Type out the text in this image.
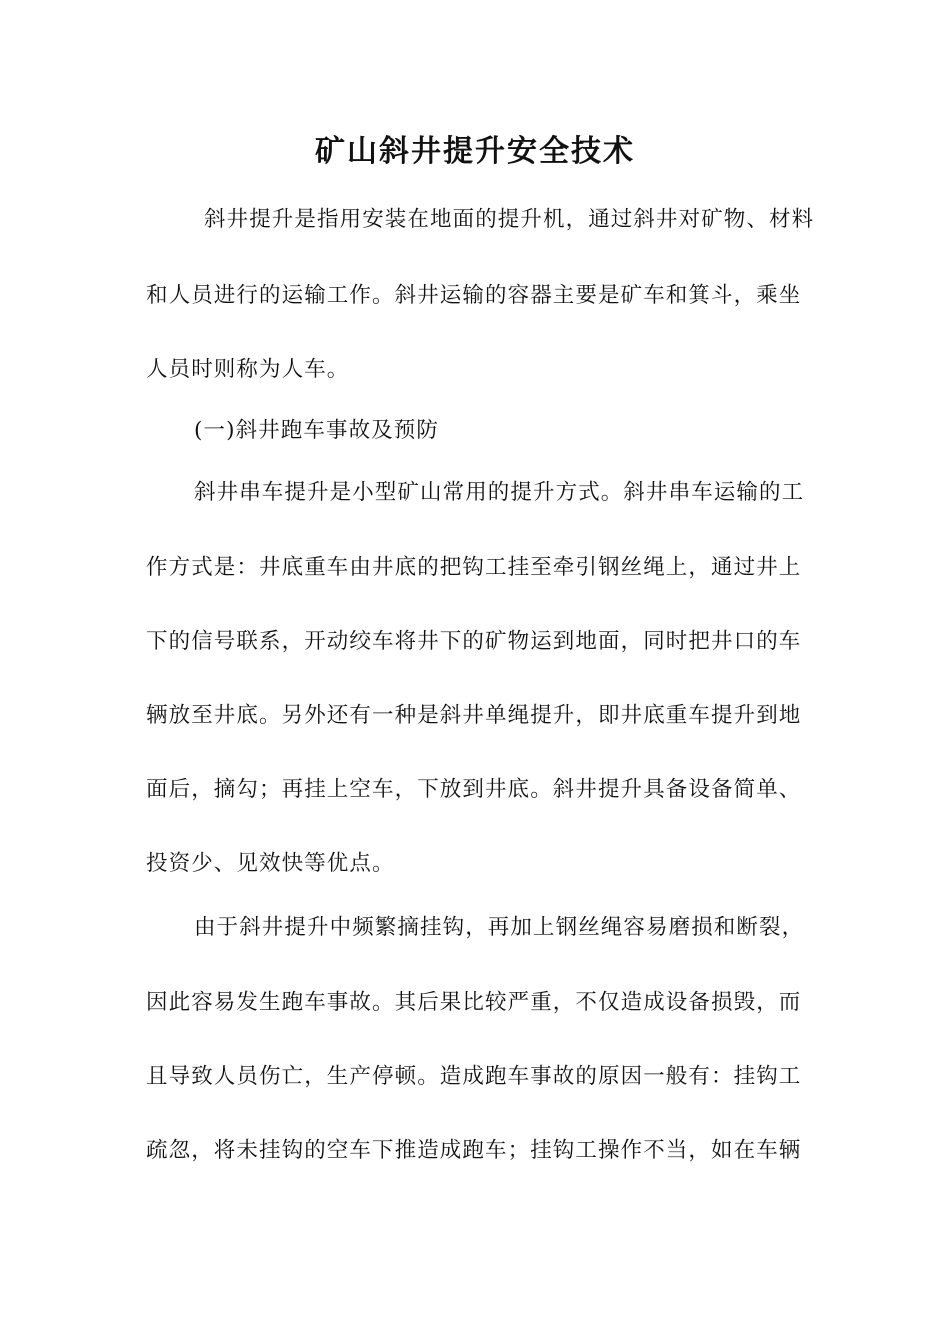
矿山斜井提升安全技术
斜井提升是指用安装在地面的提升机，通过斜井对矿物、材料
和人员进行的运输工作。斜井运输的容器主要是矿车和箕斗，乘坐
人员时则称为人车。
(一)斜井跑车事故及预防
斜井串车提升是小型矿山常用的提升方式。斜井串车运输的工
作方式是：井底重车由井底的把钩工挂至牵引钢丝绳上，通过井上
下的信号联系，开动绞车将井下的矿物运到地面，同时把井口的车
辆放至井底。另外还有一种是斜井单绳提升，即井底重车提升到地
面后，摘勾；再挂上空车，下放到井底。斜井提升具备设备简单、
投资少、见效快等优点。
由于斜井提升中频繁摘挂钩，再加上钢丝绳容易磨损和断裂，
因此容易发生跑车事故。其后果比较严重，不仅造成设备损毁，而
且导致人员伤亡，生产停顿。造成跑车事故的原因一般有：挂钩工
疏忽，将未挂钩的空车下推造成跑车；挂钩工操作不当，如在车辆
